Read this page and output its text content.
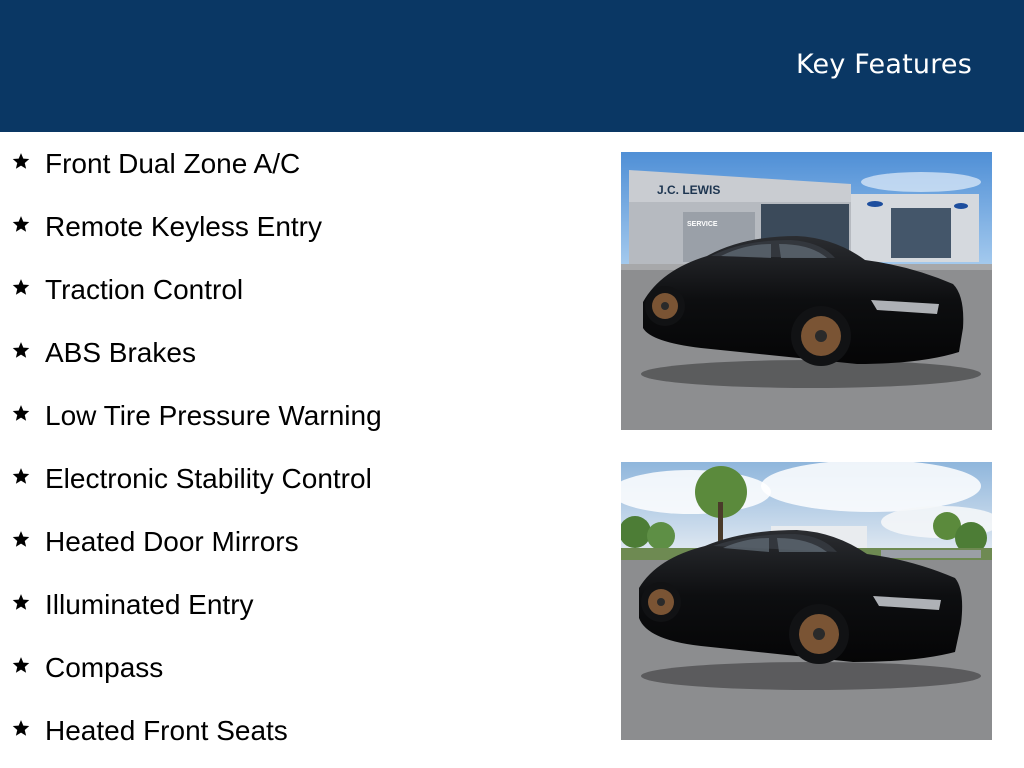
Key Features
Front Dual Zone A/C
Remote Keyless Entry
Traction Control
ABS Brakes
Low Tire Pressure Warning
Electronic Stability Control
Heated Door Mirrors
Illuminated Entry
Compass
Heated Front Seats
J.C. LEWIS
SERVICE
